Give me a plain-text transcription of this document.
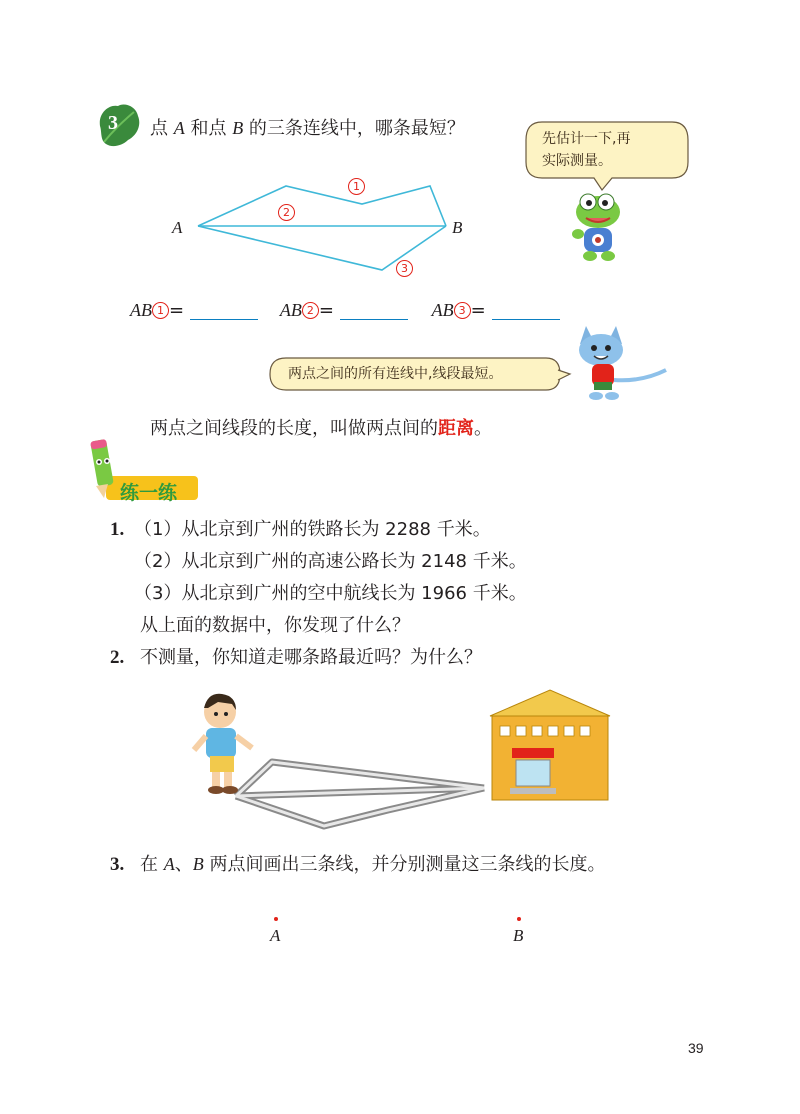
3 点 A 和点 B 的三条连线中，哪条最短？
A	B
1
2
3
先估计一下,再
实际测量。
AB 1 =	AB 2 =	AB 3 =
两点之间的所有连线中,线段最短。
两点之间线段的长度，叫做两点间的距离。
练一练
1. （1）从北京到广州的铁路长为 2288 千米。
（2）从北京到广州的高速公路长为 2148 千米。
（3）从北京到广州的空中航线长为 1966 千米。
从上面的数据中，你发现了什么？
2. 不测量，你知道走哪条路最近吗？为什么？
3. 在 A、B 两点间画出三条线，并分别测量这三条线的长度。
A	B
39
